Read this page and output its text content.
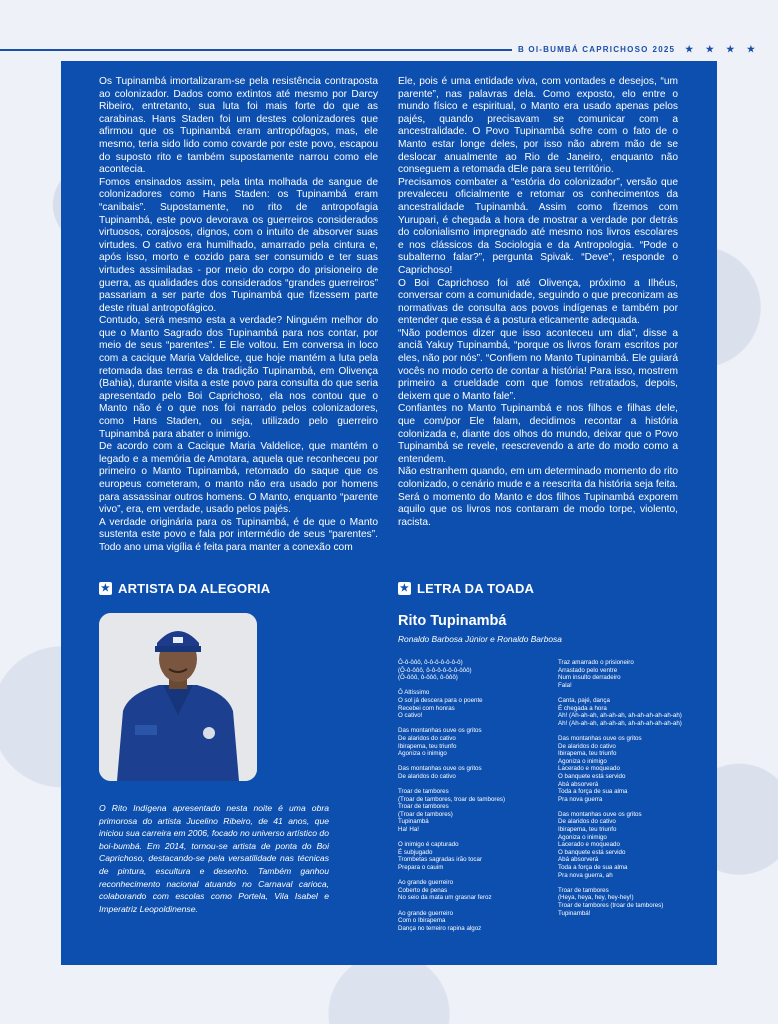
B OI-BUMBÁ CAPRICHOSO 2025 ★ ★ ★ ★

Os Tupinambá imortalizaram-se pela resistência contraposta ao colonizador. Dados como extintos até mesmo por Darcy Ribeiro, entretanto, sua luta foi mais forte do que as carabinas. Hans Staden foi um destes colonizadores que afirmou que os Tupinambá eram antropófagos, mas, ele mesmo, teria sido lido como covarde por este povo, escapou do suposto rito e também supostamente narrou como ele acontecia.

Fomos ensinados assim, pela tinta molhada de sangue de colonizadores como Hans Staden: os Tupinambá eram “canibais”. Supostamente, no rito de antropofagia Tupinambá, este povo devorava os guerreiros considerados virtuosos, corajosos, dignos, com o intuito de absorver suas virtudes. O cativo era humilhado, amarrado pela cintura e, após isso, morto e cozido para ser consumido e ter suas virtudes assimiladas - por meio do corpo do prisioneiro de guerra, as qualidades dos considerados “grandes guerreiros” passariam a ser parte dos Tupinambá que fizessem parte deste ritual antropofágico.

Contudo, será mesmo esta a verdade? Ninguém melhor do que o Manto Sagrado dos Tupinambá para nos contar, por meio de seus “parentes”. E Ele voltou. Em conversa in loco com a cacique Maria Valdelice, que hoje mantém a luta pela retomada das terras e da tradição Tupinambá, em Olivença (Bahia), durante visita a este povo para consulta do que seria apresentado pelo Boi Caprichoso, ela nos contou que o Manto não é o que nos foi narrado pelos colonizadores, como Hans Staden, ou seja, utilizado pelo guerreiro Tupinambá para abater o inimigo.

De acordo com a Cacique Maria Valdelice, que mantém o legado e a memória de Amotara, aquela que reconheceu por primeiro o Manto Tupinambá, retomado do saque que os europeus cometeram, o manto não era usado por homens para assassinar outros homens. O Manto, enquanto “parente vivo”, era, em verdade, usado pelos pajés.

A verdade originária para os Tupinambá, é de que o Manto sustenta este povo e fala por intermédio de seus “parentes”. Todo ano uma vigília é feita para manter a conexão com

Ele, pois é uma entidade viva, com vontades e desejos, “um parente”, nas palavras dela. Como exposto, elo entre o mundo físico e espiritual, o Manto era usado apenas pelos pajés, quando precisavam se comunicar com a ancestralidade. O Povo Tupinambá sofre com o fato de o Manto estar longe deles, por isso não abrem mão de se deslocar anualmente ao Rio de Janeiro, enquanto não conseguem a retomada dEle para seu território.

Precisamos combater a “estória do colonizador”, versão que prevaleceu oficialmente e retomar os conhecimentos da ancestralidade Tupinambá. Assim como fizemos com Yurupari, é chegada a hora de mostrar a verdade por detrás do colonialismo impregnado até mesmo nos livros escolares e nos clássicos da Sociologia e da Antropologia. “Pode o subalterno falar?”, pergunta Spivak. “Deve”, responde o Caprichoso!

O Boi Caprichoso foi até Olivença, próximo a Ilhéus, conversar com a comunidade, seguindo o que preconizam as normativas de consulta aos povos indígenas e também por entender que essa é a postura eticamente adequada.

“Não podemos dizer que isso aconteceu um dia”, disse a anciã Yakuy Tupinambá, “porque os livros foram escritos por eles, não por nós”. “Confiem no Manto Tupinambá. Ele guiará vocês no modo certo de contar a história! Para isso, mostrem primeiro a crueldade com que fomos retratados, depois, deixem que o Manto fale”.

Confiantes no Manto Tupinambá e nos filhos e filhas dele, que com/por Ele falam, decidimos recontar a história colonizada e, diante dos olhos do mundo, deixar que o Povo Tupinambá se revele, reescrevendo a arte do modo como a entendem.

Não estranhem quando, em um determinado momento do rito colonizado, o cenário mude e a reescrita da história seja feita. Será o momento do Manto e dos filhos Tupinambá exporem aquilo que os livros nos contaram de modo torpe, violento, racista.

★ ARTISTA DA ALEGORIA

O Rito Indígena apresentado nesta noite é uma obra primorosa do artista Jucelino Ribeiro, de 41 anos, que iniciou sua carreira em 2006, focado no universo artístico do boi-bumbá. Em 2014, tornou-se artista de ponta do Boi Caprichoso, destacando-se pela versatilidade nas técnicas de pintura, escultura e desenho. Também ganhou reconhecimento nacional atuando no Carnaval carioca, colaborando com escolas como Portela, Vila Isabel e Imperatriz Leopoldinense.

★ LETRA DA TOADA
Rito Tupinambá
Ronaldo Barbosa Júnior e Ronaldo Barbosa

Ô-ô-ôôô, ô-ô-ô-ô-ô-ô-ô)
(Ô-ô-ôôô, ô-ô-ô-ô-ô-ô-ôôô)
(Ô-ôôô, ô-ôôô, ô-ôôô)

Ô Altíssimo
O sol já descera para o poente
Recebei com honras
O cativo!

Das montanhas ouve os gritos
De alaridos do cativo
Ibirapema, teu triunfo
Agoniza o inimigo

Das montanhas ouve os gritos
De alaridos do cativo

Troar de tambores
(Troar de tambores, troar de tambores)
Troar de tambores
(Troar de tambores)
Tupinambá
Ha! Ha!

O inimigo é capturado
É subjugado
Trombetas sagradas irão tocar
Prepara o cauim

Ao grande guerreiro
Coberto de penas
No seio da mata um grasnar feroz

Ao grande guerreiro
Com o Ibirapema
Dança no terreiro rapina algoz

Traz amarrado o prisioneiro
Arrastado pelo ventre
Num insulto derradeiro
Fala!

Canta, pajé, dança
É chegada a hora
Ah! (Ah-ah-ah, ah-ah-ah, ah-ah-ah-ah-ah-ah)
Ah! (Ah-ah-ah, ah-ah-ah, ah-ah-ah-ah-ah-ah)

Das montanhas ouve os gritos
De alaridos do cativo
Ibirapema, teu triunfo
Agoniza o inimigo
Lacerado e moqueado
O banquete está servido
Abá absorverá
Toda a força de sua alma
Pra nova guerra

Das montanhas ouve os gritos
De alaridos do cativo
Ibirapema, teu triunfo
Agoniza o inimigo
Lacerado e moqueado
O banquete está servido
Abá absorverá
Toda a força de sua alma
Pra nova guerra, ah

Troar de tambores
(Heya, heya, hey, hey-hey!)
Troar de tambores (troar de tambores)
Tupinambá!
